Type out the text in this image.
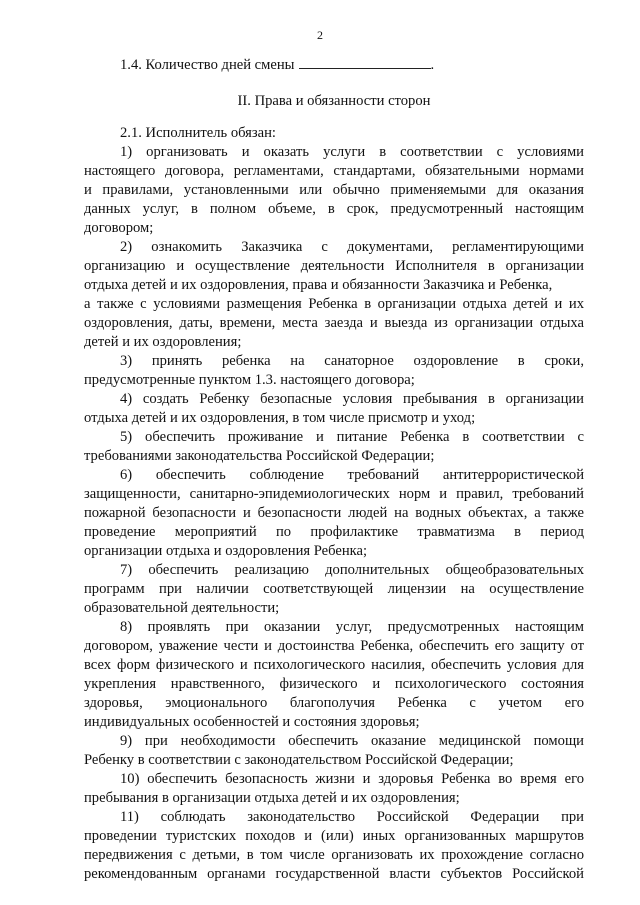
2
1.4. Количество дней смены	.
II. Права и обязанности сторон
2.1. Исполнитель обязан:
1) организовать и оказать услуги в соответствии с условиями
настоящего договора, регламентами, стандартами, обязательными нормами
и правилами, установленными или обычно применяемыми для оказания
данных услуг, в полном объеме, в срок, предусмотренный настоящим
договором;
2) ознакомить Заказчика с документами, регламентирующими
организацию и осуществление деятельности Исполнителя в организации
отдыха детей и их оздоровления, права и обязанности Заказчика и Ребенка,
а также с условиями размещения Ребенка в организации отдыха детей и их
оздоровления, даты, времени, места заезда и выезда из организации отдыха
детей и их оздоровления;
3) принять ребенка на санаторное оздоровление в сроки,
предусмотренные пунктом 1.3. настоящего договора;
4) создать Ребенку безопасные условия пребывания в организации
отдыха детей и их оздоровления, в том числе присмотр и уход;
5) обеспечить проживание и питание Ребенка в соответствии с
требованиями законодательства Российской Федерации;
6) обеспечить соблюдение требований антитеррористической
защищенности, санитарно-эпидемиологических норм и правил, требований
пожарной безопасности и безопасности людей на водных объектах, а также
проведение мероприятий по профилактике травматизма в период
организации отдыха и оздоровления Ребенка;
7) обеспечить реализацию дополнительных общеобразовательных
программ при наличии соответствующей лицензии на осуществление
образовательной деятельности;
8) проявлять при оказании услуг, предусмотренных настоящим
договором, уважение чести и достоинства Ребенка, обеспечить его защиту от
всех форм физического и психологического насилия, обеспечить условия для
укрепления нравственного, физического и психологического состояния
здоровья, эмоционального благополучия Ребенка с учетом его
индивидуальных особенностей и состояния здоровья;
9) при необходимости обеспечить оказание медицинской помощи
Ребенку в соответствии с законодательством Российской Федерации;
10) обеспечить безопасность жизни и здоровья Ребенка во время его
пребывания в организации отдыха детей и их оздоровления;
11) соблюдать законодательство Российской Федерации при
проведении туристских походов и (или) иных организованных маршрутов
передвижения с детьми, в том числе организовать их прохождение согласно
рекомендованным органами государственной власти субъектов Российской
